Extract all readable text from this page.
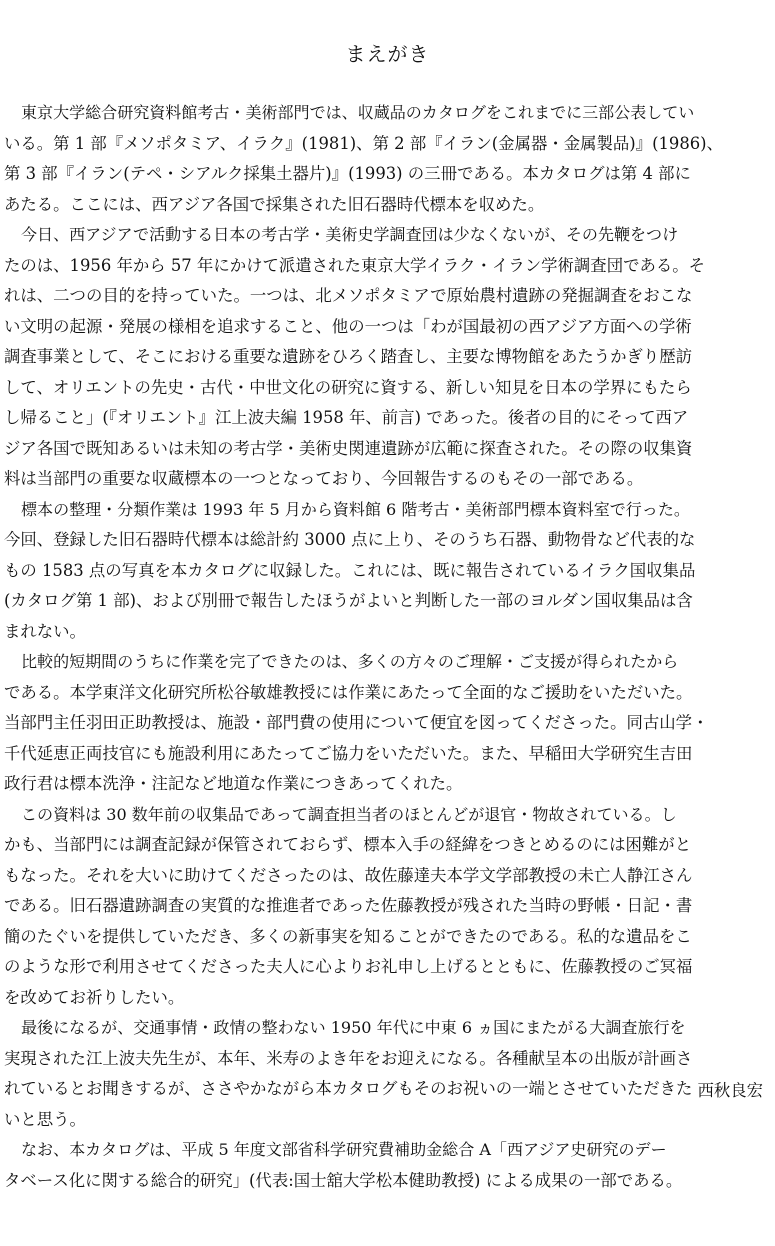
まえがき

東京大学総合研究資料館考古・美術部門では、収蔵品のカタログをこれまでに三部公表してい
いる。第 1 部『メソポタミア、イラク』(1981)、第 2 部『イラン(金属器・金属製品)』(1986)、
第 3 部『イラン(テペ・シアルク採集土器片)』(1993) の三冊である。本カタログは第 4 部に
あたる。ここには、西アジア各国で採集された旧石器時代標本を収めた。

今日、西アジアで活動する日本の考古学・美術史学調査団は少なくないが、その先鞭をつけ
たのは、1956 年から 57 年にかけて派遣された東京大学イラク・イラン学術調査団である。そ
れは、二つの目的を持っていた。一つは、北メソポタミアで原始農村遺跡の発掘調査をおこな
い文明の起源・発展の様相を追求すること、他の一つは「わが国最初の西アジア方面への学術
調査事業として、そこにおける重要な遺跡をひろく踏査し、主要な博物館をあたうかぎり歴訪
して、オリエントの先史・古代・中世文化の研究に資する、新しい知見を日本の学界にもたら
し帰ること」(『オリエント』江上波夫編 1958 年、前言) であった。後者の目的にそって西ア
ジア各国で既知あるいは未知の考古学・美術史関連遺跡が広範に探査された。その際の収集資
料は当部門の重要な収蔵標本の一つとなっており、今回報告するのもその一部である。

標本の整理・分類作業は 1993 年 5 月から資料館 6 階考古・美術部門標本資料室で行った。
今回、登録した旧石器時代標本は総計約 3000 点に上り、そのうち石器、動物骨など代表的な
もの 1583 点の写真を本カタログに収録した。これには、既に報告されているイラク国収集品
(カタログ第 1 部)、および別冊で報告したほうがよいと判断した一部のヨルダン国収集品は含
まれない。

比較的短期間のうちに作業を完了できたのは、多くの方々のご理解・ご支援が得られたから
である。本学東洋文化研究所松谷敏雄教授には作業にあたって全面的なご援助をいただいた。
当部門主任羽田正助教授は、施設・部門費の使用について便宜を図ってくださった。同古山学・
千代延恵正両技官にも施設利用にあたってご協力をいただいた。また、早稲田大学研究生吉田
政行君は標本洗浄・注記など地道な作業につきあってくれた。

この資料は 30 数年前の収集品であって調査担当者のほとんどが退官・物故されている。し
かも、当部門には調査記録が保管されておらず、標本入手の経緯をつきとめるのには困難がと
もなった。それを大いに助けてくださったのは、故佐藤達夫本学文学部教授の未亡人静江さん
である。旧石器遺跡調査の実質的な推進者であった佐藤教授が残された当時の野帳・日記・書
簡のたぐいを提供していただき、多くの新事実を知ることができたのである。私的な遺品をこ
のような形で利用させてくださった夫人に心よりお礼申し上げるとともに、佐藤教授のご冥福
を改めてお祈りしたい。

最後になるが、交通事情・政情の整わない 1950 年代に中東 6 ヵ国にまたがる大調査旅行を
実現された江上波夫先生が、本年、米寿のよき年をお迎えになる。各種献呈本の出版が計画さ
れているとお聞きするが、ささやかながら本カタログもそのお祝いの一端とさせていただきた
いと思う。

なお、本カタログは、平成 5 年度文部省科学研究費補助金総合 A「西アジア史研究のデー
タベース化に関する総合的研究」(代表:国士舘大学松本健助教授) による成果の一部である。

西秋良宏
